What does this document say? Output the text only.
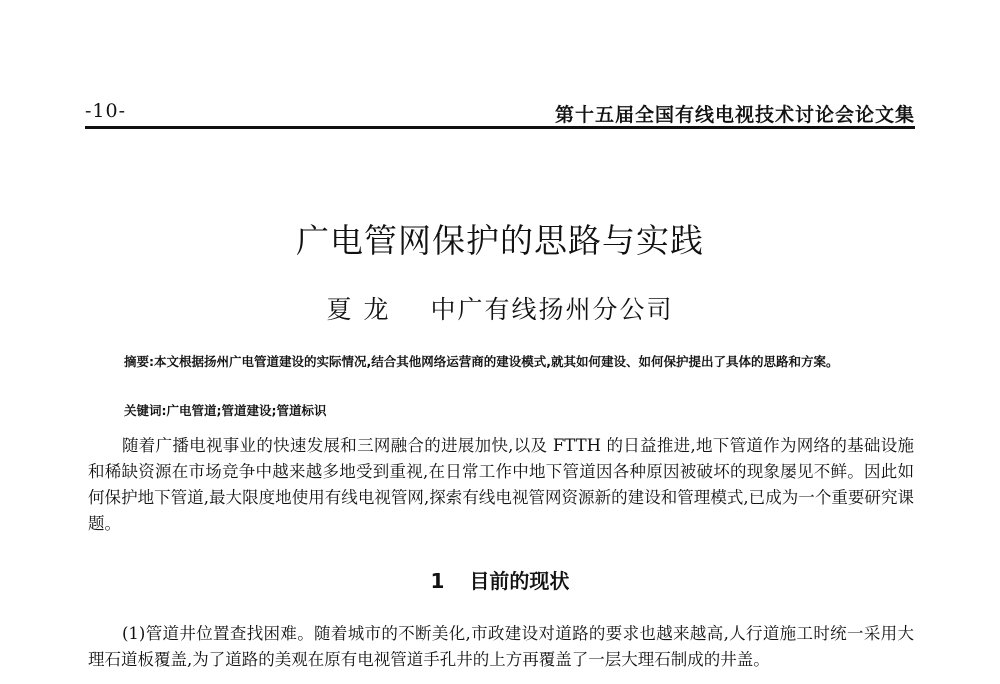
-10-	第十五届全国有线电视技术讨论会论文集
广电管网保护的思路与实践
夏 龙 中广有线扬州分公司
摘要:本文根据扬州广电管道建设的实际情况,结合其他网络运营商的建设模式,就其如何建设、如何保护提出了具体的思路和方案。
关键词:广电管道;管道建设;管道标识
随着广播电视事业的快速发展和三网融合的进展加快,以及 FTTH 的日益推进,地下管道作为网络的基础设施和稀缺资源在市场竞争中越来越多地受到重视,在日常工作中地下管道因各种原因被破坏的现象屡见不鲜。因此如何保护地下管道,最大限度地使用有线电视管网,探索有线电视管网资源新的建设和管理模式,已成为一个重要研究课题。
1 目前的现状
(1)管道井位置查找困难。随着城市的不断美化,市政建设对道路的要求也越来越高,人行道施工时统一采用大理石道板覆盖,为了道路的美观在原有电视管道手孔井的上方再覆盖了一层大理石制成的井盖。
